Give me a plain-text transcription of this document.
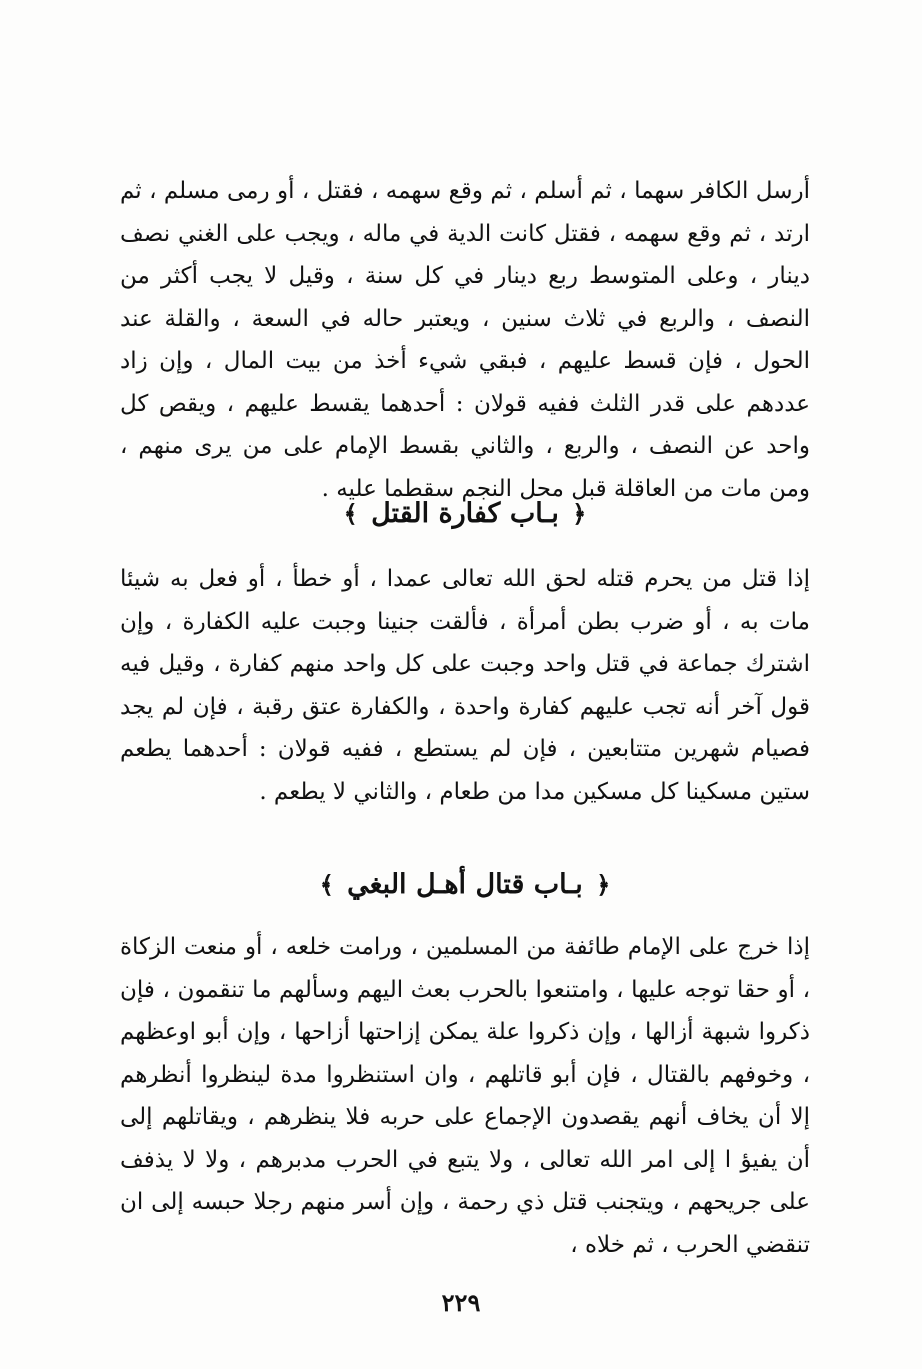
أرسل الكافر سهما ، ثم أسلم ، ثم وقع سهمه ، فقتل ، أو رمى مسلم ، ثم ارتد ، ثم وقع سهمه ، فقتل كانت الدية في ماله ، ويجب على الغني نصف دينار ، وعلى المتوسط ربع دينار في كل سنة ، وقيل لا يجب أكثر من النصف ، والربع في ثلاث سنين ، ويعتبر حاله في السعة ، والقلة عند الحول ، فإن قسط عليهم ، فبقي شيء أخذ من بيت المال ، وإن زاد عددهم على قدر الثلث ففيه قولان : أحدهما يقسط عليهم ، ويقص كل واحد عن النصف ، والربع ، والثاني بقسط الإمام على من يرى منهم ، ومن مات من العاقلة قبل محل النجم سقطما عليه .

﴿ بـاب كفارة القتل ﴾

إذا قتل من يحرم قتله لحق الله تعالى عمدا ، أو خطأ ، أو فعل به شيئا مات به ، أو ضرب بطن أمرأة ، فألقت جنينا وجبت عليه الكفارة ، وإن اشترك جماعة في قتل واحد وجبت على كل واحد منهم كفارة ، وقيل فيه قول آخر أنه تجب عليهم كفارة واحدة ، والكفارة عتق رقبة ، فإن لم يجد فصيام شهرين متتابعين ، فإن لم يستطع ، ففيه قولان : أحدهما يطعم ستين مسكينا كل مسكين مدا من طعام ، والثاني لا يطعم .

﴿ بـاب قتال أهـل البغي ﴾

إذا خرج على الإمام طائفة من المسلمين ، ورامت خلعه ، أو منعت الزكاة ، أو حقا توجه عليها ، وامتنعوا بالحرب بعث اليهم وسألهم ما تنقمون ، فإن ذكروا شبهة أزالها ، وإن ذكروا علة يمكن إزاحتها أزاحها ، وإن أبو اوعظهم ، وخوفهم بالقتال ، فإن أبو قاتلهم ، وان استنظروا مدة لينظروا أنظرهم إلا أن يخاف أنهم يقصدون الإجماع على حربه فلا ينظرهم ، ويقاتلهم إلى أن يفيؤ ا إلى امر الله تعالى ، ولا يتبع في الحرب مدبرهم ، ولا لا يذفف على جريحهم ، ويتجنب قتل ذي رحمة ، وإن أسر منهم رجلا حبسه إلى ان تنقضي الحرب ، ثم خلاه ،

٢٢٩
